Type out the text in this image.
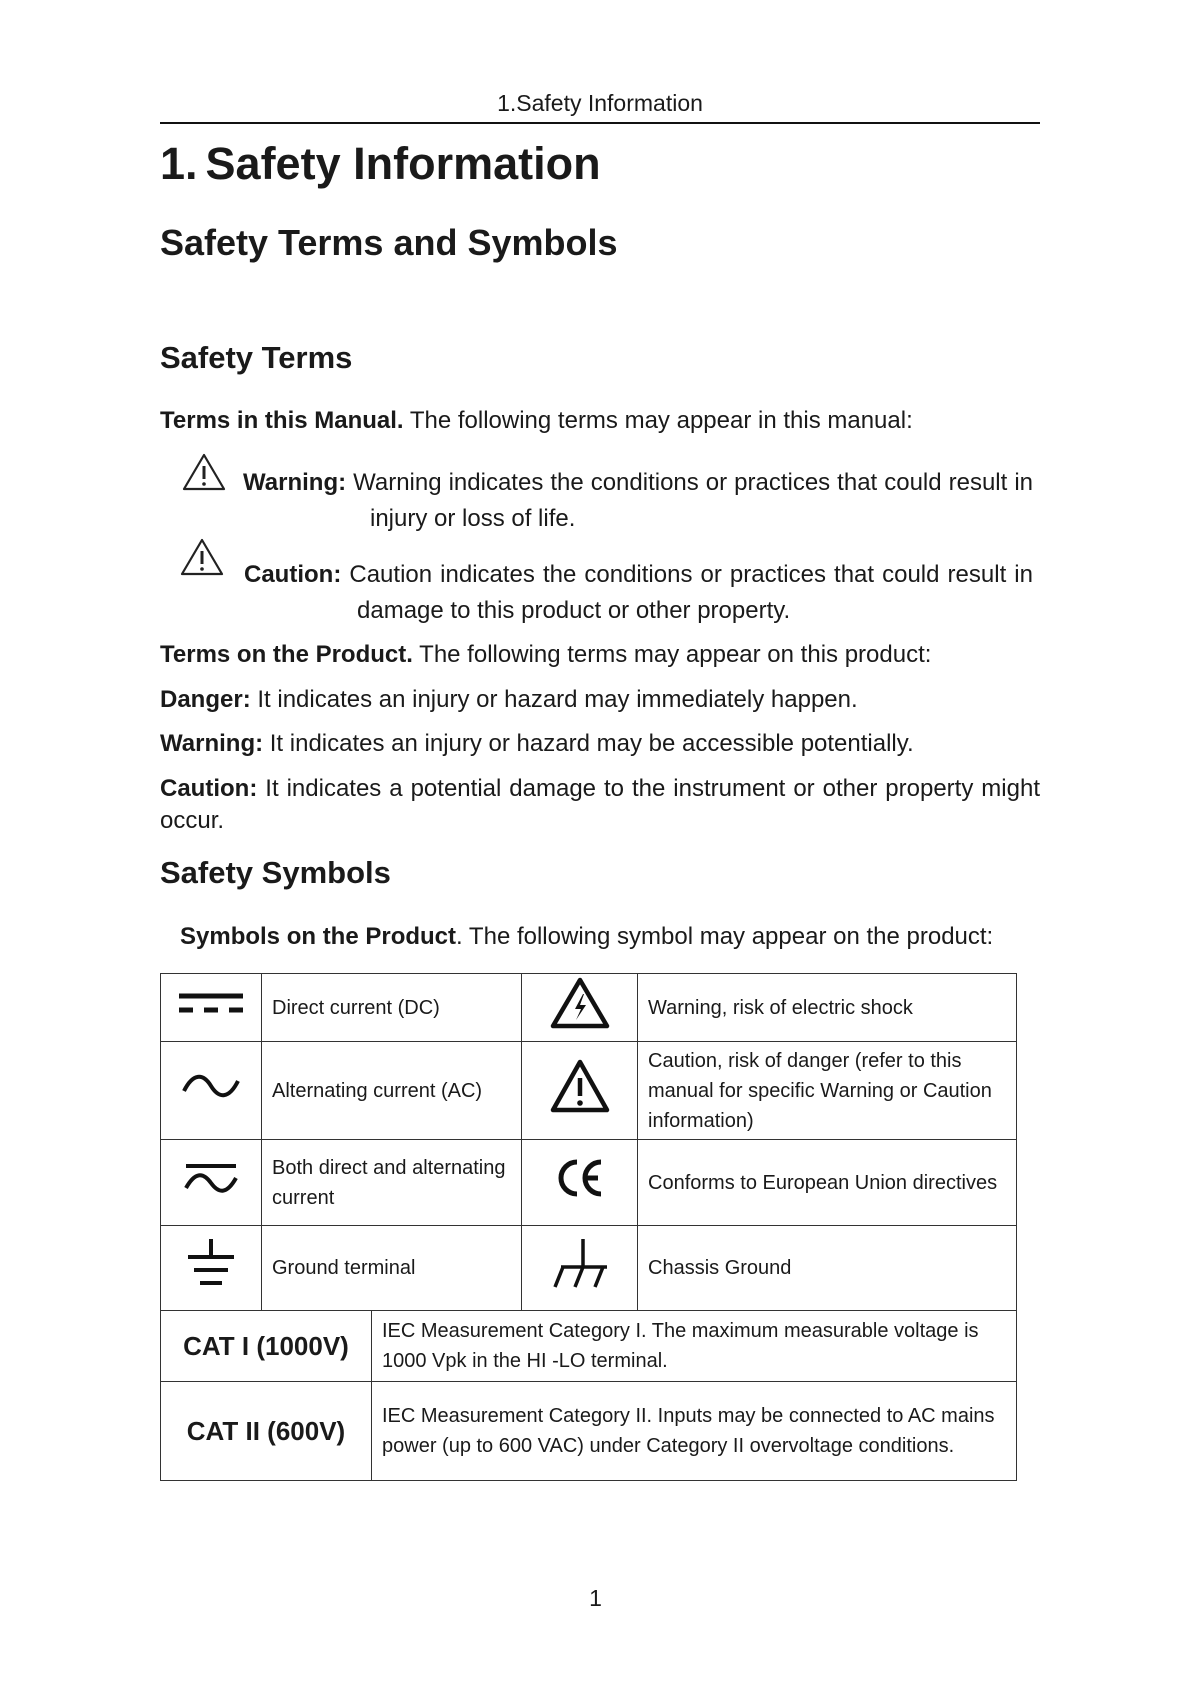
1.Safety Information
1. Safety Information
Safety Terms and Symbols
Safety Terms

Terms in this Manual. The following terms may appear in this manual:

Warning: Warning indicates the conditions or practices that could result in

injury or loss of life.

Caution: Caution indicates the conditions or practices that could result in

damage to this product or other property.

Terms on the Product. The following terms may appear on this product:

Danger: It indicates an injury or hazard may immediately happen.

Warning: It indicates an injury or hazard may be accessible potentially.

Caution: It indicates a potential damage to the instrument or other property might occur.

Safety Symbols

Symbols on the Product. The following symbol may appear on the product:

	Direct current (DC)			Warning, risk of electric shock
	Alternating current (AC)			Caution, risk of danger (refer to this manual for specific Warning or Caution information)
	Both direct and alternating current			Conforms to European Union directives
	Ground terminal			Chassis Ground
CAT I (1000V)		IEC Measurement Category I. The maximum measurable voltage is 1000 Vpk in the HI -LO terminal.		
CAT II (600V)		IEC Measurement Category II. Inputs may be connected to AC mains power (up to 600 VAC) under Category II overvoltage conditions.		
1
